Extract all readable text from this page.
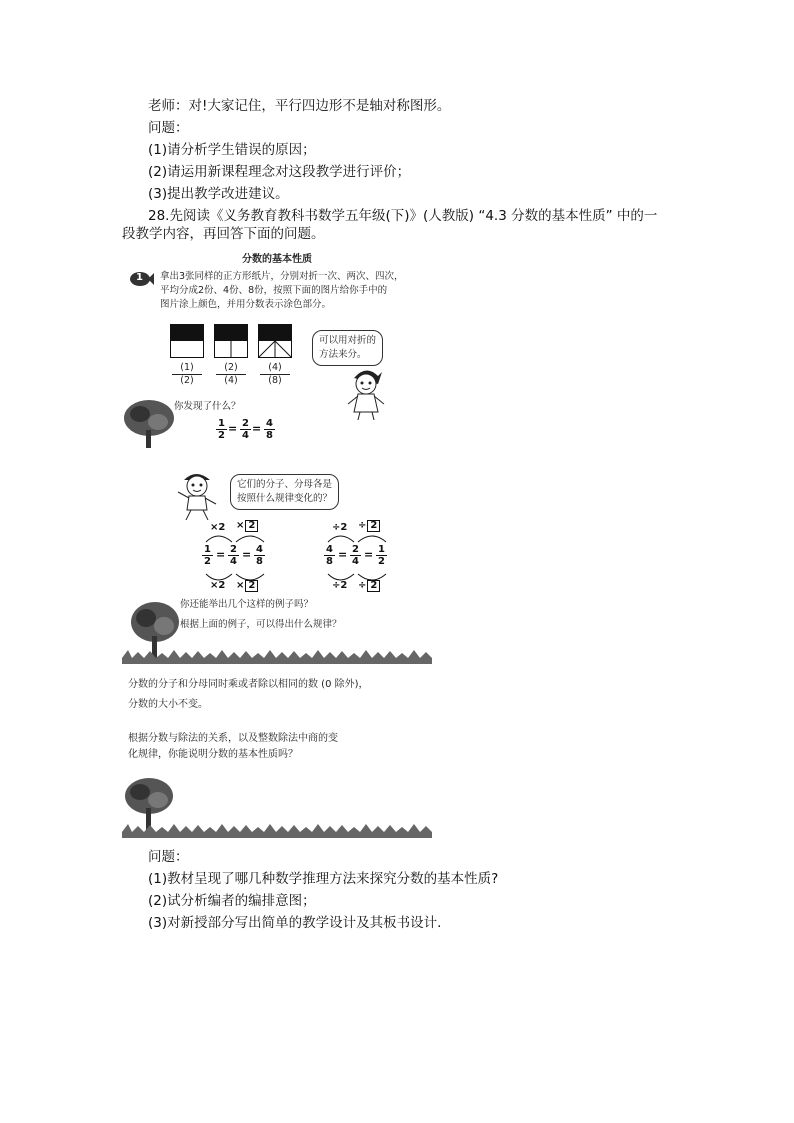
老师：对!大家记住，平行四边形不是轴对称图形。
问题：
(1)请分析学生错误的原因；
(2)请运用新课程理念对这段教学进行评价；
(3)提出教学改进建议。
28.先阅读《义务教育教科书数学五年级(下)》(人教版) “4.3 分数的基本性质” 中的一
段教学内容，再回答下面的问题。
分数的基本性质
1 拿出3张同样的正方形纸片，分别对折一次、两次、四次，
平均分成2份、4份、8份，按照下面的图片给你手中的
图片涂上颜色，并用分数表示涂色部分。
(1)
(2)
(2)
(4)
(4)
(8)
可以用对折的
方法来分。
你发现了什么？
$\frac{1}{2} = \frac{2}{4} = \frac{4}{8}$
它们的分子、分母各是
按照什么规律变化的？
×2 × 2
$\frac{1}{2} = \frac{2}{4} = \frac{4}{8}$
×2 × 2
÷2 ÷ 2
$\frac{4}{8} = \frac{2}{4} = \frac{1}{2}$
÷2 ÷ 2
你还能举出几个这样的例子吗？
根据上面的例子，可以得出什么规律？
分数的分子和分母同时乘或者除以相同的数 (0 除外)，
分数的大小不变。
根据分数与除法的关系，以及整数除法中商的变
化规律，你能说明分数的基本性质吗？
问题：
(1)教材呈现了哪几种数学推理方法来探究分数的基本性质?
(2)试分析编者的编排意图；
(3)对新授部分写出简单的教学设计及其板书设计.
